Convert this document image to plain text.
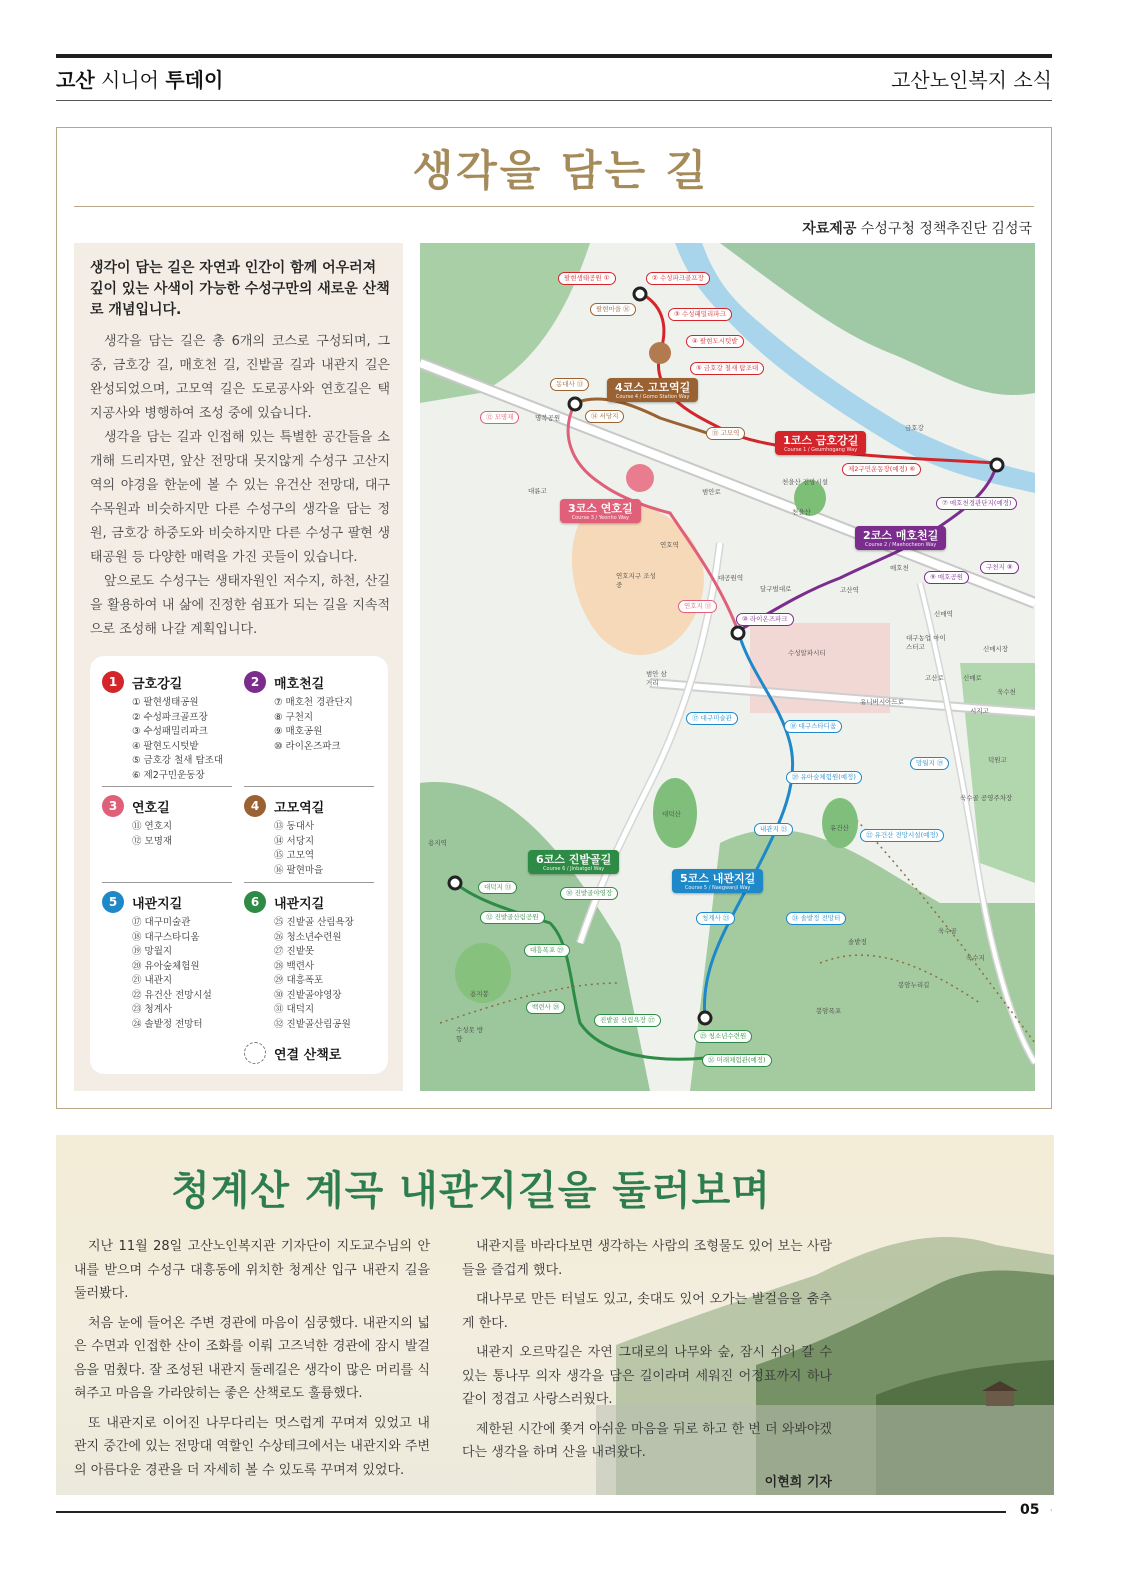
고산 시니어 투데이	고산노인복지 소식
생각을 담는 길
자료제공 수성구청 정책추진단 김성국
생각이 담는 길은 자연과 인간이 함께 어우러져 깊이 있는 사색이 가능한 수성구만의 새로운 산책로 개념입니다.
생각을 담는 길은 총 6개의 코스로 구성되며, 그 중, 금호강 길, 매호천 길, 진밭골 길과 내관지 길은 완성되었으며, 고모역 길은 도로공사와 연호길은 택지공사와 병행하여 조성 중에 있습니다.
생각을 담는 길과 인접해 있는 특별한 공간들을 소개해 드리자면, 앞산 전망대 못지않게 수성구 고산지역의 야경을 한눈에 볼 수 있는 유건산 전망대, 대구수목원과 비슷하지만 다른 수성구의 생각을 담는 정원, 금호강 하중도와 비슷하지만 다른 수성구 팔현 생태공원 등 다양한 매력을 가진 곳들이 있습니다.
앞으로도 수성구는 생태자원인 저수지, 하천, 산길을 활용하여 내 삶에 진정한 쉼표가 되는 길을 지속적으로 조성해 나갈 계획입니다.
1	금호강길
① 팔현생태공원
② 수성파크골프장
③ 수성패밀리파크
④ 팔현도시텃밭
⑤ 금호강 철새 탐조대
⑥ 제2구민운동장
2	매호천길
⑦ 매호천 경관단지
⑧ 구천지
⑨ 매호공원
⑩ 라이온즈파크
3	연호길
⑪ 연호지
⑫ 모명재
4	고모역길
⑬ 동대사
⑭ 서당지
⑮ 고모역
⑯ 팔현마을
5	내관지길
⑰ 대구미술관
⑱ 대구스타디움
⑲ 망월지
⑳ 유아숲체험원
㉑ 내관지
㉒ 유건산 전망시설
㉓ 청계사
㉔ 솔밭정 전망터
6	내관지길
㉕ 진밭골 산림욕장
㉖ 청소년수련원
㉗ 진밭못
㉘ 백련사
㉙ 대흥폭포
㉚ 진밭골야영장
㉛ 대덕지
㉜ 진밭골산림공원
연결 산책로
1코스 금호강길
Course 1 / Geumhogang Way
2코스 매호천길
Course 2 / Maehocheon Way
3코스 연호길
Course 3 / Yeonho Way
4코스 고모역길
Course 4 / Gomo Station Way
5코스 내관지길
Course 5 / Naegwanji Way
6코스 진밭골길
Course 6 / Jinbatgol Way
팔현생태공원 ①	② 수성파크골프장
③ 수성패밀리파크
④ 팔현도시텃밭
⑤ 금호강 철새 탐조대
제2구민운동장(예정) ⑥
⑦ 매호천경관단지(예정)
⑨ 매호공원
구천지 ⑧
⑩ 라이온즈파크
팔현마을 ⑯
동대사 ⑬
⑭ 서당지
⑮ 고모역
⑫ 모명재
연호지 ⑪
⑰ 대구미술관
⑱ 대구스타디움
⑳ 유아숲체험원(예정)
내관지 ㉑
㉒ 유건산 전망시설(예정)
청계사 ㉓	㉔ 솔밭정 전망터
망월지 ⑲
대덕지 ㉛
㉚ 진밭골야영장
㉜ 진밭골산림공원
대흥폭포 ㉙
백련사 ㉘
진밭골 산림욕장 ㉗
㉕ 청소년수련원
㉖ 미래체험관(예정)
금호강
명복공원
대륜고	범안로
연호역
연호지구 조성 중
대공원역
달구벌대로	고산역
신매역
대구농업 마이스터고	신매시장
고산로	신매로
시지고
욱수천
덕원고
욱수골 공영주차장
수성알파시티
범안 삼거리
천을산 전망시설
천을산
대덕산
유건산
용지봉
용지역
매호천
유니버시아드로
솔밭정
욱수골
욱수지
봉암누리길
봉암폭포
수성못 방향
청계산 계곡 내관지길을 둘러보며

지난 11월 28일 고산노인복지관 기자단이 지도교수님의 안내를 받으며 수성구 대흥동에 위치한 청계산 입구 내관지 길을 둘러봤다.

처음 눈에 들어온 주변 경관에 마음이 심쿵했다. 내관지의 넓은 수면과 인접한 산이 조화를 이뤄 고즈넉한 경관에 잠시 발걸음을 멈췄다. 잘 조성된 내관지 둘레길은 생각이 많은 머리를 식혀주고 마음을 가라앉히는 좋은 산책로도 훌륭했다.

또 내관지로 이어진 나무다리는 멋스럽게 꾸며져 있었고 내관지 중간에 있는 전망대 역할인 수상테크에서는 내관지와 주변의 아름다운 경관을 더 자세히 볼 수 있도록 꾸며져 있었다.

내관지를 바라다보면 생각하는 사람의 조형물도 있어 보는 사람들을 즐겁게 했다.

대나무로 만든 터널도 있고, 솟대도 있어 오가는 발걸음을 춤추게 한다.

내관지 오르막길은 자연 그대로의 나무와 숲, 잠시 쉬어 갈 수 있는 통나무 의자 생각을 담은 길이라며 세워진 어정표까지 하나 같이 정겹고 사랑스러웠다.

제한된 시간에 쫓겨 아쉬운 마음을 뒤로 하고 한 번 더 와봐야겠다는 생각을 하며 산을 내려왔다.

이현희 기자
05 ·
